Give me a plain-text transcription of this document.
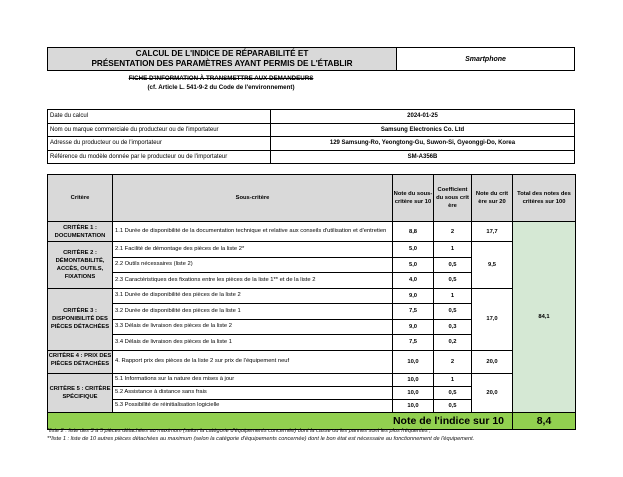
CALCUL DE L'INDICE DE RÉPARABILITÉ ET
PRÉSENTATION DES PARAMÈTRES AYANT PERMIS DE L'ÉTABLIR	Smartphone
FICHE D'INFORMATION À TRANSMETTRE AUX DEMANDEURS
(cf. Article L. 541-9-2 du Code de l'environnement)
Date du calcul	2024-01-25
Nom ou marque commerciale du producteur ou de l'importateur	Samsung Electronics Co. Ltd
Adresse du producteur ou de l'importateur	129 Samsung-Ro, Yeongtong-Gu, Suwon-Si, Gyeonggi-Do, Korea
Référence du modèle donnée par le producteur ou de l'importateur	SM-A356B
Critère	Sous-critère	Note du sous-critère sur 10	Coefficient du sous crit ère	Note du crit ère sur 20	Total des notes des critères sur 100
CRITÈRE 1 : DOCUMENTATION	1.1 Durée de disponibilité de la documentation technique et relative aux conseils d'utilisation et d'entretien	8,8	2	17,7	84,1
CRITÈRE 2 : DÉMONTABILITÉ, ACCÈS, OUTILS, FIXATIONS	2.1 Facilité de démontage des pièces de la liste 2*	5,0	1	9,5	
	2.2 Outils nécessaires (liste 2)	5,0	0,5		
	2.3 Caractéristiques des fixations entre les pièces de la liste 1** et de la liste 2	4,0	0,5		
CRITÈRE 3 : DISPONIBILITÉ DES PIÈCES DÉTACHÉES	3.1 Durée de disponibilité des pièces de la liste 2	9,0	1	17,0	
	3.2 Durée de disponibilité des pièces de la liste 1	7,5	0,5		
	3.3 Délais de livraison des pièces de la liste 2	9,0	0,3		
	3.4 Délais de livraison des pièces de la liste 1	7,5	0,2		

CRITÈRE 4 : PRIX DES PIÈCES DÉTACHÉES	4. Rapport prix des pièces de la liste 2 sur prix de l'équipement neuf	10,0	2	20,0	
CRITÈRE 5 : CRITÈRE SPÉCIFIQUE	5.1 Informations sur la nature des mises à jour	10,0	1	20,0	
	5.2 Assistance à distance sans frais	10,0	0,5		
	5.3 Possibilité de réinitialisation logicielle	10,0	0,5		
Note de l'indice sur 10					8,4
*liste 2 : liste des 3 à 5 pièces détachées au maximum (selon la catégorie d'équipements concernée) dont la casse ou les pannes sont les plus fréquentes ;
**liste 1 : liste de 10 autres pièces détachées au maximum (selon la catégorie d'équipements concernée) dont le bon état est nécessaire au fonctionnement de l'équipement.
